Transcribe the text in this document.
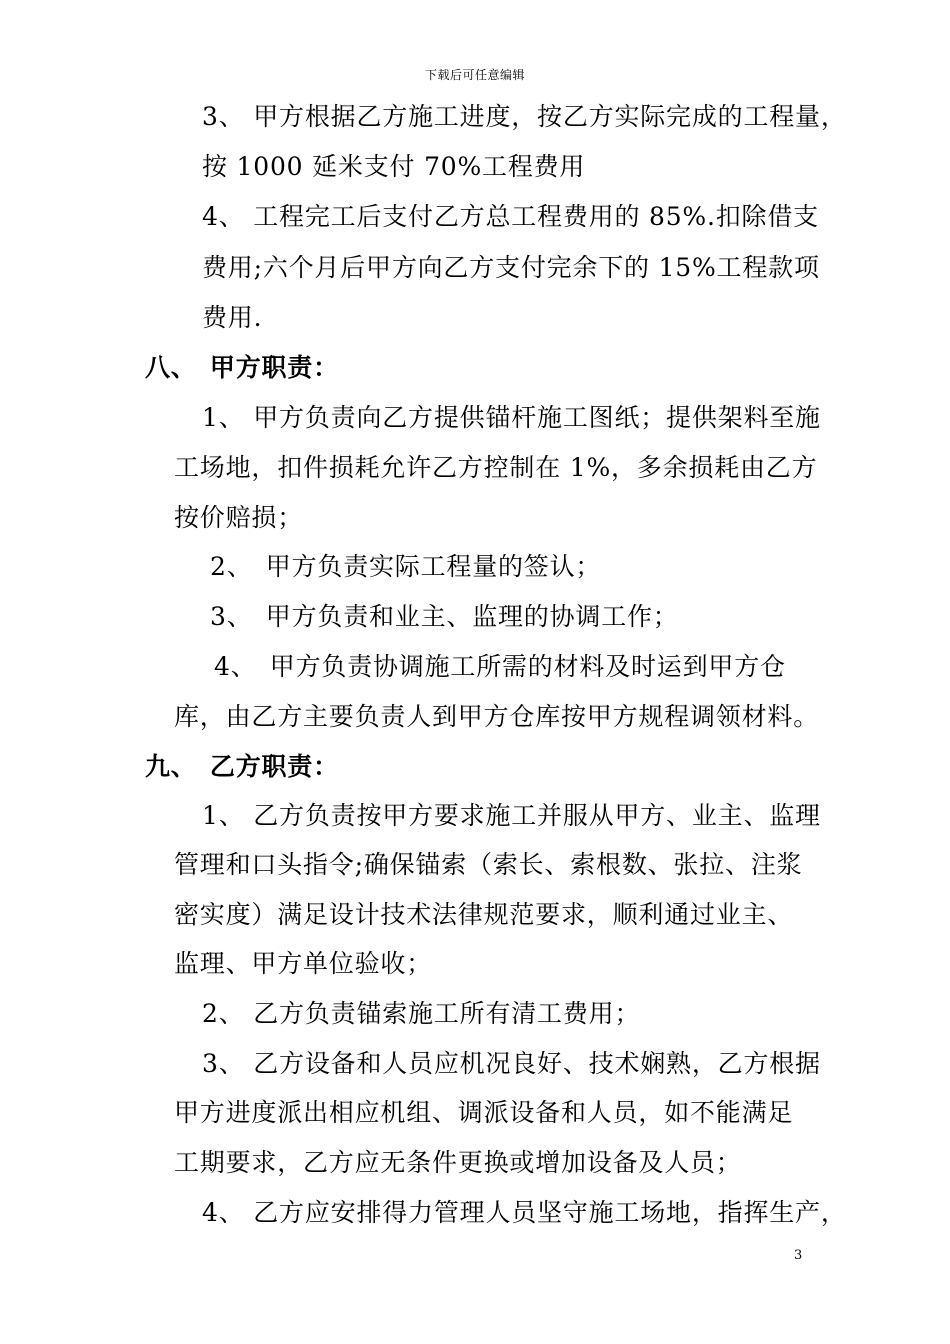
下载后可任意编辑
3、 甲方根据乙方施工进度，按乙方实际完成的工程量，
按 1000 延米支付 70%工程费用
4、 工程完工后支付乙方总工程费用的 85%.扣除借支
费用;六个月后甲方向乙方支付完余下的 15%工程款项
费用.
八、　甲方职责：
1、 甲方负责向乙方提供锚杆施工图纸；提供架料至施
工场地，扣件损耗允许乙方控制在 1%，多余损耗由乙方
按价赔损；
2、　甲方负责实际工程量的签认；
3、　甲方负责和业主、监理的协调工作；
4、　甲方负责协调施工所需的材料及时运到甲方仓
库，由乙方主要负责人到甲方仓库按甲方规程调领材料。
九、　乙方职责：
1、 乙方负责按甲方要求施工并服从甲方、业主、监理
管理和口头指令;确保锚索（索长、索根数、张拉、注浆
密实度）满足设计技术法律规范要求，顺利通过业主、
监理、甲方单位验收；
2、 乙方负责锚索施工所有清工费用；
3、 乙方设备和人员应机况良好、技术娴熟，乙方根据
甲方进度派出相应机组、调派设备和人员，如不能满足
工期要求，乙方应无条件更换或增加设备及人员；
4、 乙方应安排得力管理人员坚守施工场地，指挥生产，
3
